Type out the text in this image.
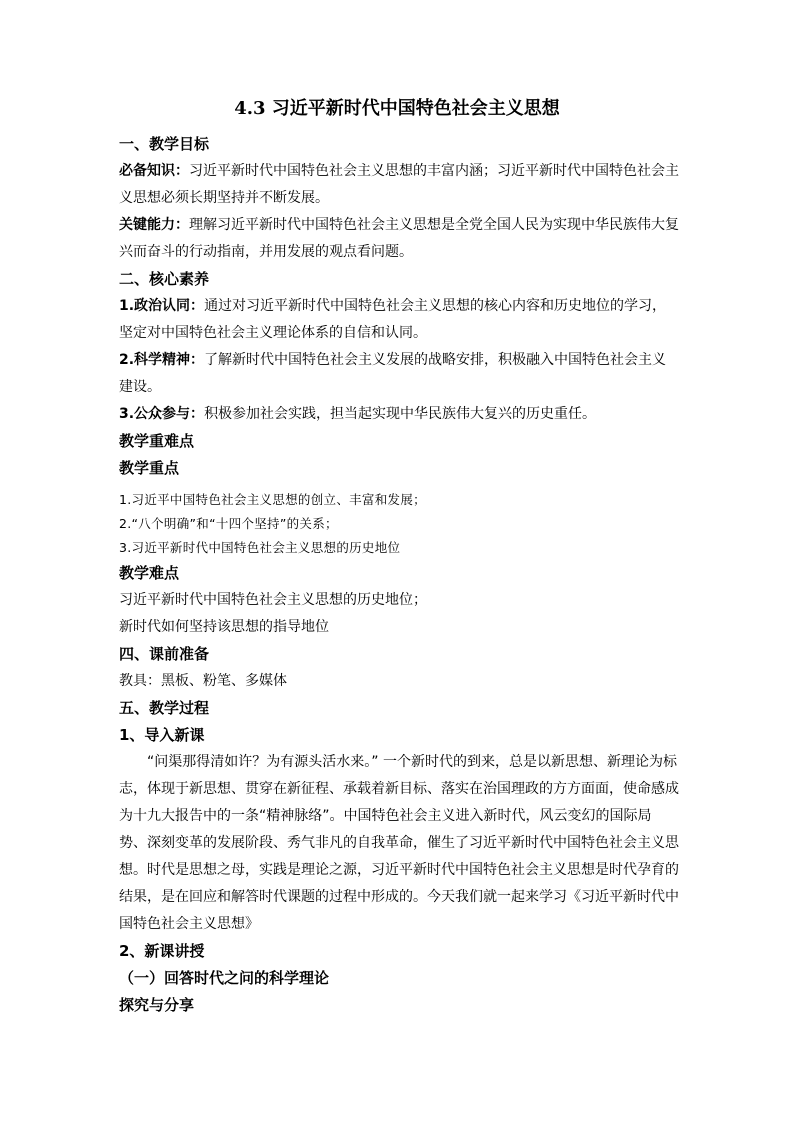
4.3 习近平新时代中国特色社会主义思想

一、教学目标

必备知识：习近平新时代中国特色社会主义思想的丰富内涵；习近平新时代中国特色社会主义思想必须长期坚持并不断发展。

关键能力：理解习近平新时代中国特色社会主义思想是全党全国人民为实现中华民族伟大复兴而奋斗的行动指南，并用发展的观点看问题。

二、核心素养

1.政治认同：通过对习近平新时代中国特色社会主义思想的核心内容和历史地位的学习，坚定对中国特色社会主义理论体系的自信和认同。

2.科学精神：了解新时代中国特色社会主义发展的战略安排，积极融入中国特色社会主义建设。

3.公众参与：积极参加社会实践，担当起实现中华民族伟大复兴的历史重任。

教学重难点

教学重点

1.习近平中国特色社会主义思想的创立、丰富和发展；

2.“八个明确”和“十四个坚持”的关系；

3.习近平新时代中国特色社会主义思想的历史地位

教学难点

习近平新时代中国特色社会主义思想的历史地位；

新时代如何坚持该思想的指导地位

四、课前准备

教具：黑板、粉笔、多媒体

五、教学过程

1、导入新课

“问渠那得清如许？为有源头活水来。” 一个新时代的到来，总是以新思想、新理论为标志，体现于新思想、贯穿在新征程、承载着新目标、落实在治国理政的方方面面，使命感成为十九大报告中的一条“精神脉络”。中国特色社会主义进入新时代，风云变幻的国际局势、深刻变革的发展阶段、秀气非凡的自我革命，催生了习近平新时代中国特色社会主义思想。时代是思想之母，实践是理论之源，习近平新时代中国特色社会主义思想是时代孕育的结果，是在回应和解答时代课题的过程中形成的。今天我们就一起来学习《习近平新时代中国特色社会主义思想》

2、新课讲授

（一）回答时代之问的科学理论

探究与分享
